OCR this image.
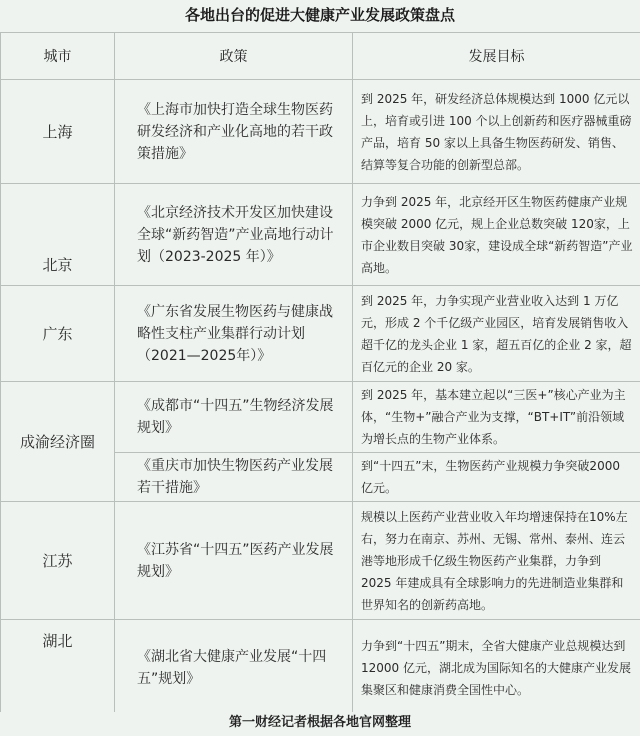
各地出台的促进大健康产业发展政策盘点
城市	政策	发展目标
上海	《上海市加快打造全球生物医药研发经济和产业化高地的若干政策措施》	到 2025 年，研发经济总体规模达到 1000 亿元以上，培育或引进 100 个以上创新药和医疗器械重磅产品，培育 50 家以上具备生物医药研发、销售、结算等复合功能的创新型总部。
北京	《北京经济技术开发区加快建设全球“新药智造”产业高地行动计划（2023-2025 年）》	力争到 2025 年，北京经开区生物医药健康产业规模突破 2000 亿元，规上企业总数突破 120家，上市企业数目突破 30家，建设成全球“新药智造”产业高地。
广东	《广东省发展生物医药与健康战略性支柱产业集群行动计划（2021—2025年）》	到 2025 年，力争实现产业营业收入达到 1 万亿元，形成 2 个千亿级产业园区，培育发展销售收入超千亿的龙头企业 1 家，超五百亿的企业 2 家，超百亿元的企业 20 家。
成渝经济圈	《成都市“十四五”生物经济发展规划》	到 2025 年，基本建立起以“三医+”核心产业为主体，“生物+”融合产业为支撑，“BT+IT”前沿领域为增长点的生物产业体系。
	《重庆市加快生物医药产业发展若干措施》	到“十四五”末，生物医药产业规模力争突破2000 亿元。
江苏	《江苏省“十四五”医药产业发展规划》	规模以上医药产业营业收入年均增速保持在10%左右，努力在南京、苏州、无锡、常州、泰州、连云港等地形成千亿级生物医药产业集群，力争到 2025 年建成具有全球影响力的先进制造业集群和世界知名的创新药高地。
湖北	《湖北省大健康产业发展“十四五”规划》	力争到“十四五”期末，全省大健康产业总规模达到 12000 亿元，湖北成为国际知名的大健康产业发展集聚区和健康消费全国性中心。
第一财经记者根据各地官网整理
